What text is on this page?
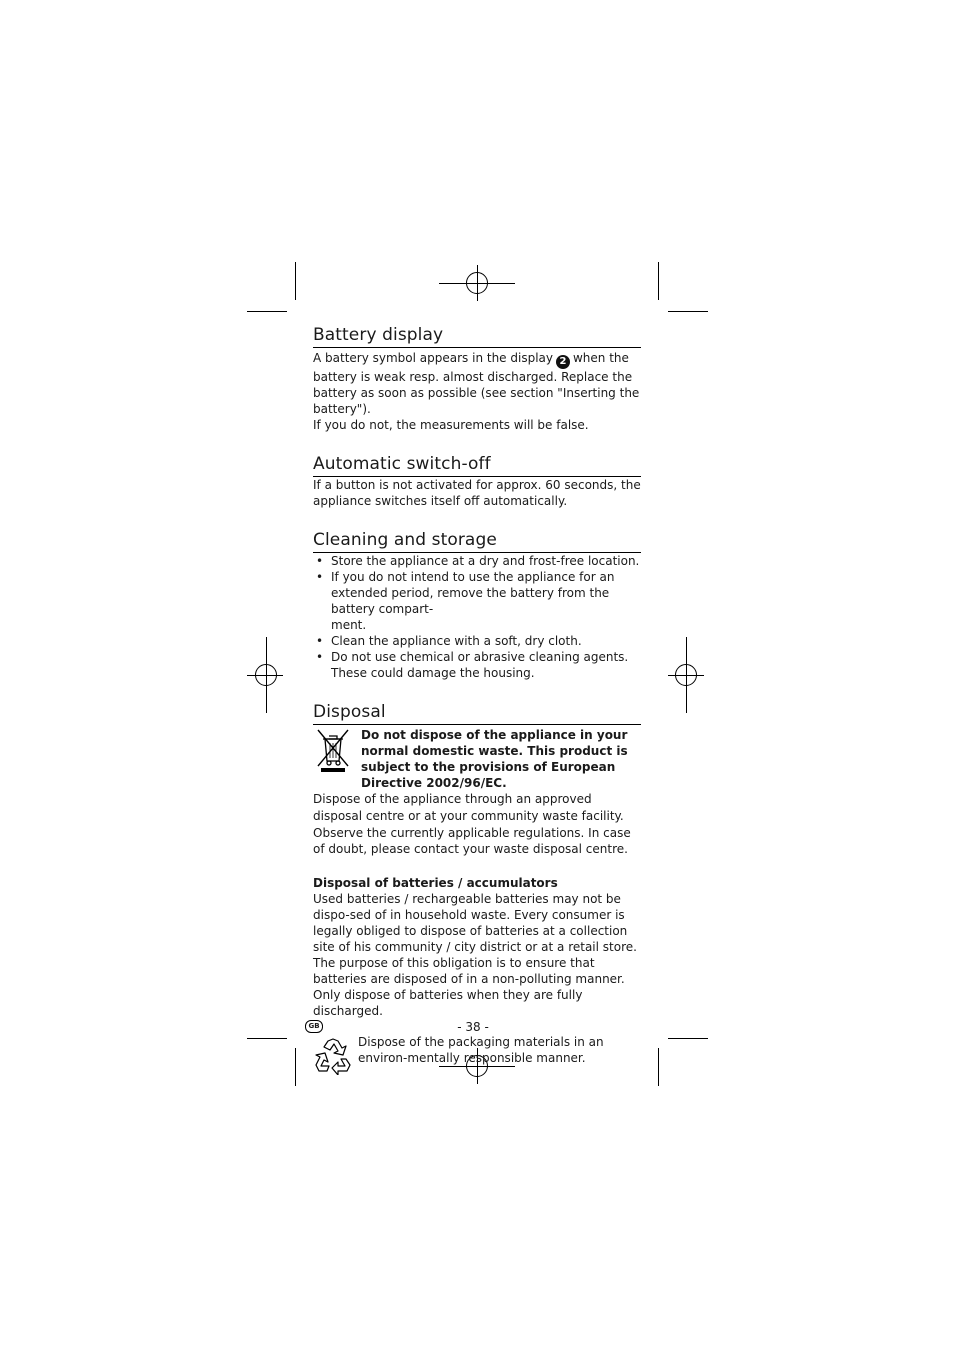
Battery display

A battery symbol appears in the display 2 when the battery is weak resp. almost discharged. Replace the battery as soon as possible (see section "Inserting the battery").

If you do not, the measurements will be false.

Automatic switch-off

If a button is not activated for approx. 60 seconds, the appliance switches itself off automatically.

Cleaning and storage
• Store the appliance at a dry and frost-free location.
• If you do not intend to use the appliance for an extended period, remove the battery from the battery compart-
ment.
• Clean the appliance with a soft, dry cloth.
• Do not use chemical or abrasive cleaning agents. These could damage the housing.
Disposal

Do not dispose of the appliance in your normal domestic waste. This product is subject to the provisions of European Directive 2002/96/EC.

Dispose of the appliance through an approved disposal centre or at your community waste facility.

Observe the currently applicable regulations. In case of doubt, please contact your waste disposal centre.

Disposal of batteries / accumulators

Used batteries / rechargeable batteries may not be dispo-sed of in household waste. Every consumer is legally obliged to dispose of batteries at a collection site of his community / city district or at a retail store.

The purpose of this obligation is to ensure that batteries are disposed of in a non-polluting manner. Only dispose of batteries when they are fully discharged.

Dispose of the packaging materials in an environ-mentally responsible manner.

GB	- 38 -
